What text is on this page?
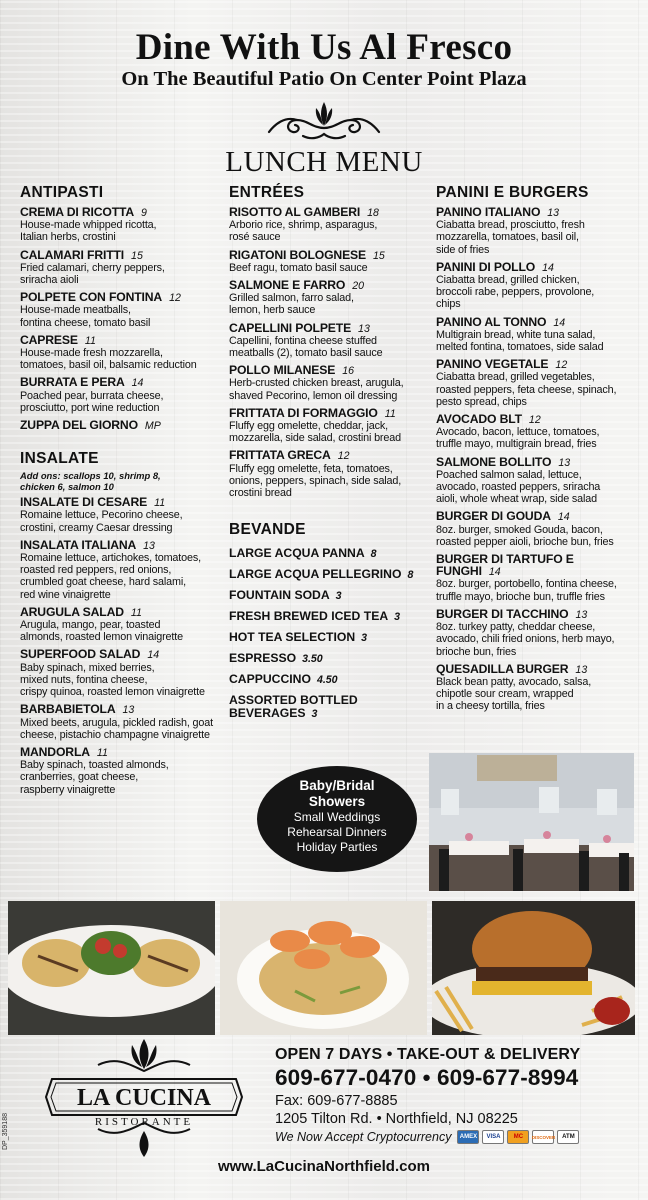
Dine With Us Al Fresco
On The Beautiful Patio On Center Point Plaza
LUNCH MENU
ANTIPASTI
CREMA DI RICOTTA 9
House-made whipped ricotta,
Italian herbs, crostini
CALAMARI FRITTI 15
Fried calamari, cherry peppers,
sriracha aioli
POLPETE CON FONTINA 12
House-made meatballs,
fontina cheese, tomato basil
CAPRESE 11
House-made fresh mozzarella,
tomatoes, basil oil, balsamic reduction
BURRATA E PERA 14
Poached pear, burrata cheese,
prosciutto, port wine reduction
ZUPPA DEL GIORNO MP
INSALATE
Add ons: scallops 10, shrimp 8,
chicken 6, salmon 10
INSALATE DI CESARE 11
Romaine lettuce, Pecorino cheese,
crostini, creamy Caesar dressing
INSALATA ITALIANA 13
Romaine lettuce, artichokes, tomatoes,
roasted red peppers, red onions,
crumbled goat cheese, hard salami,
red wine vinaigrette
ARUGULA SALAD 11
Arugula, mango, pear, toasted
almonds, roasted lemon vinaigrette
SUPERFOOD SALAD 14
Baby spinach, mixed berries,
mixed nuts, fontina cheese,
crispy quinoa, roasted lemon vinaigrette
BARBABIETOLA 13
Mixed beets, arugula, pickled radish, goat
cheese, pistachio champagne vinaigrette
MANDORLA 11
Baby spinach, toasted almonds,
cranberries, goat cheese,
raspberry vinaigrette
ENTRÉES
RISOTTO AL GAMBERI 18
Arborio rice, shrimp, asparagus,
rosé sauce
RIGATONI BOLOGNESE 15
Beef ragu, tomato basil sauce
SALMONE E FARRO 20
Grilled salmon, farro salad,
lemon, herb sauce
CAPELLINI POLPETE 13
Capellini, fontina cheese stuffed
meatballs (2), tomato basil sauce
POLLO MILANESE 16
Herb-crusted chicken breast, arugula,
shaved Pecorino, lemon oil dressing
FRITTATA DI FORMAGGIO 11
Fluffy egg omelette, cheddar, jack,
mozzarella, side salad, crostini bread
FRITTATA GRECA 12
Fluffy egg omelette, feta, tomatoes,
onions, peppers, spinach, side salad,
crostini bread
BEVANDE
LARGE ACQUA PANNA 8
LARGE ACQUA PELLEGRINO 8
FOUNTAIN SODA 3
FRESH BREWED ICED TEA 3
HOT TEA SELECTION 3
ESPRESSO 3.50
CAPPUCCINO 4.50
ASSORTED BOTTLED BEVERAGES 3
PANINI E BURGERS
PANINO ITALIANO 13
Ciabatta bread, prosciutto, fresh
mozzarella, tomatoes, basil oil,
side of fries
PANINI DI POLLO 14
Ciabatta bread, grilled chicken,
broccoli rabe, peppers, provolone,
chips
PANINO AL TONNO 14
Multigrain bread, white tuna salad,
melted fontina, tomatoes, side salad
PANINO VEGETALE 12
Ciabatta bread, grilled vegetables,
roasted peppers, feta cheese, spinach,
pesto spread, chips
AVOCADO BLT 12
Avocado, bacon, lettuce, tomatoes,
truffle mayo, multigrain bread, fries
SALMONE BOLLITO 13
Poached salmon salad, lettuce,
avocado, roasted peppers, sriracha
aioli, whole wheat wrap, side salad
BURGER DI GOUDA 14
8oz. burger, smoked Gouda, bacon,
roasted pepper aioli, brioche bun, fries
BURGER DI TARTUFO E FUNGHI 14
8oz. burger, portobello, fontina cheese,
truffle mayo, brioche bun, truffle fries
BURGER DI TACCHINO 13
8oz. turkey patty, cheddar cheese,
avocado, chili fried onions, herb mayo,
brioche bun, fries
QUESADILLA BURGER 13
Black bean patty, avocado, salsa,
chipotle sour cream, wrapped
in a cheesy tortilla, fries
Baby/Bridal Showers
Small Weddings
Rehearsal Dinners
Holiday Parties
LA CUCINA
RISTORANTE
DP_359188
OPEN 7 DAYS • TAKE-OUT & DELIVERY
609-677-0470 • 609-677-8994
Fax: 609-677-8885
1205 Tilton Rd. • Northfield, NJ 08225
We Now Accept Cryptocurrency	AMEX	VISA	MC	DISCOVER	ATM
www.LaCucinaNorthfield.com
